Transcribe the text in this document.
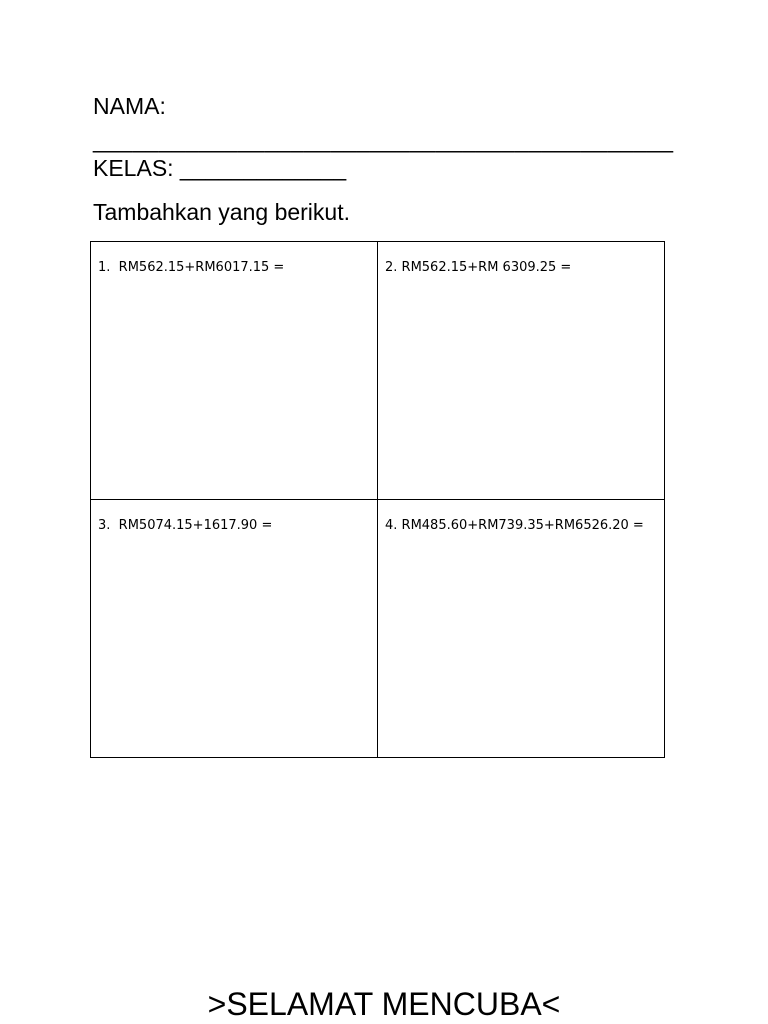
NAMA:
____________________________________________
KELAS: _____________
Tambahkan yang berikut.
1.  RM562.15+RM6017.15 =	2. RM562.15+RM 6309.25 =

3.  RM5074.15+1617.90 =	4. RM485.60+RM739.35+RM6526.20 =
>SELAMAT MENCUBA<
